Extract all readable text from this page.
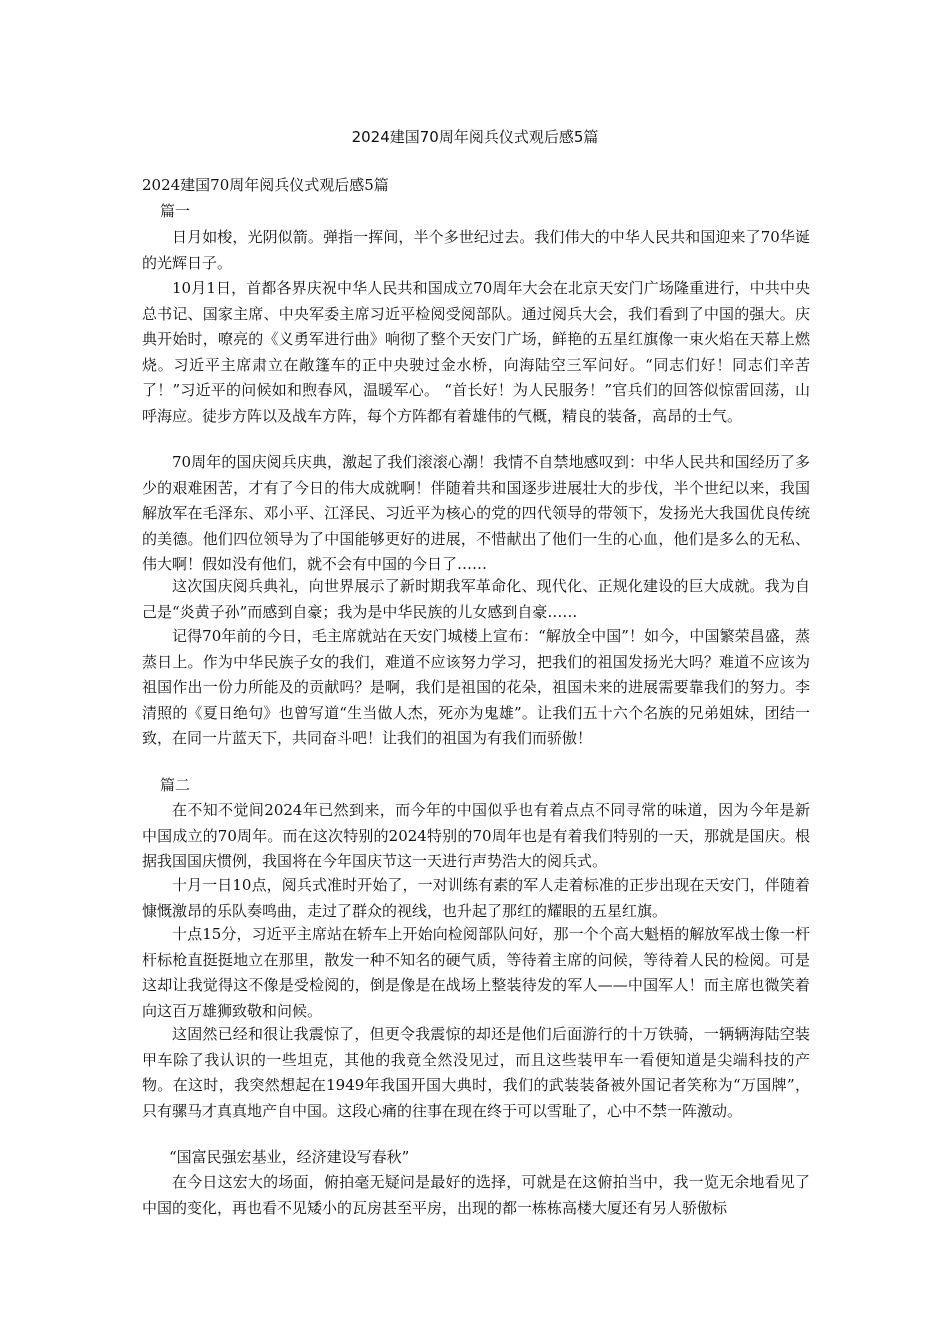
2024建国70周年阅兵仪式观后感5篇
2024建国70周年阅兵仪式观后感5篇

篇一

日月如梭，光阴似箭。弹指一挥间，半个多世纪过去。我们伟大的中华人民共和国迎来了70华诞的光辉日子。

10月1日，首都各界庆祝中华人民共和国成立70周年大会在北京天安门广场隆重进行，中共中央总书记、国家主席、中央军委主席习近平检阅受阅部队。通过阅兵大会，我们看到了中国的强大。庆典开始时，嘹亮的《义勇军进行曲》响彻了整个天安门广场，鲜艳的五星红旗像一束火焰在天幕上燃烧。习近平主席肃立在敞篷车的正中央驶过金水桥，向海陆空三军问好。“同志们好！同志们辛苦了！”习近平的问候如和煦春风，温暖军心。 “首长好！为人民服务！”官兵们的回答似惊雷回荡，山呼海应。徒步方阵以及战车方阵，每个方阵都有着雄伟的气概，精良的装备，高昂的士气。

70周年的国庆阅兵庆典，激起了我们滚滚心潮！我情不自禁地感叹到：中华人民共和国经历了多少的艰难困苦，才有了今日的伟大成就啊！伴随着共和国逐步进展壮大的步伐，半个世纪以来，我国解放军在毛泽东、邓小平、江泽民、习近平为核心的党的四代领导的带领下，发扬光大我国优良传统的美德。他们四位领导为了中国能够更好的进展，不惜献出了他们一生的心血，他们是多么的无私、伟大啊！假如没有他们，就不会有中国的今日了……

这次国庆阅兵典礼，向世界展示了新时期我军革命化、现代化、正规化建设的巨大成就。我为自己是“炎黄子孙”而感到自豪；我为是中华民族的儿女感到自豪……

记得70年前的今日，毛主席就站在天安门城楼上宣布：“解放全中国”！如今，中国繁荣昌盛，蒸蒸日上。作为中华民族子女的我们，难道不应该努力学习，把我们的祖国发扬光大吗？难道不应该为祖国作出一份力所能及的贡献吗？是啊，我们是祖国的花朵，祖国未来的进展需要靠我们的努力。李清照的《夏日绝句》也曾写道“生当做人杰，死亦为鬼雄”。让我们五十六个名族的兄弟姐妹，团结一致，在同一片蓝天下，共同奋斗吧！让我们的祖国为有我们而骄傲！

篇二

在不知不觉间2024年已然到来，而今年的中国似乎也有着点点不同寻常的味道，因为今年是新中国成立的70周年。而在这次特别的2024特别的70周年也是有着我们特别的一天，那就是国庆。根据我国国庆惯例，我国将在今年国庆节这一天进行声势浩大的阅兵式。

十月一日10点，阅兵式准时开始了，一对训练有素的军人走着标准的正步出现在天安门，伴随着慷慨激昂的乐队奏鸣曲，走过了群众的视线，也升起了那红的耀眼的五星红旗。

十点15分，习近平主席站在轿车上开始向检阅部队问好，那一个个高大魁梧的解放军战士像一杆杆标枪直挺挺地立在那里，散发一种不知名的硬气质，等待着主席的问候，等待着人民的检阅。可是这却让我觉得这不像是受检阅的，倒是像是在战场上整装待发的军人——中国军人！而主席也微笑着向这百万雄狮致敬和问候。

这固然已经和很让我震惊了，但更令我震惊的却还是他们后面游行的十万铁骑，一辆辆海陆空装甲车除了我认识的一些坦克，其他的我竟全然没见过，而且这些装甲车一看便知道是尖端科技的产物。在这时，我突然想起在1949年我国开国大典时，我们的武装装备被外国记者笑称为“万国牌”，只有骡马才真真地产自中国。这段心痛的往事在现在终于可以雪耻了，心中不禁一阵激动。

“国富民强宏基业，经济建设写春秋”

在今日这宏大的场面，俯拍毫无疑问是最好的选择，可就是在这俯拍当中，我一览无余地看见了中国的变化，再也看不见矮小的瓦房甚至平房，出现的都一栋栋高楼大厦还有另人骄傲标
